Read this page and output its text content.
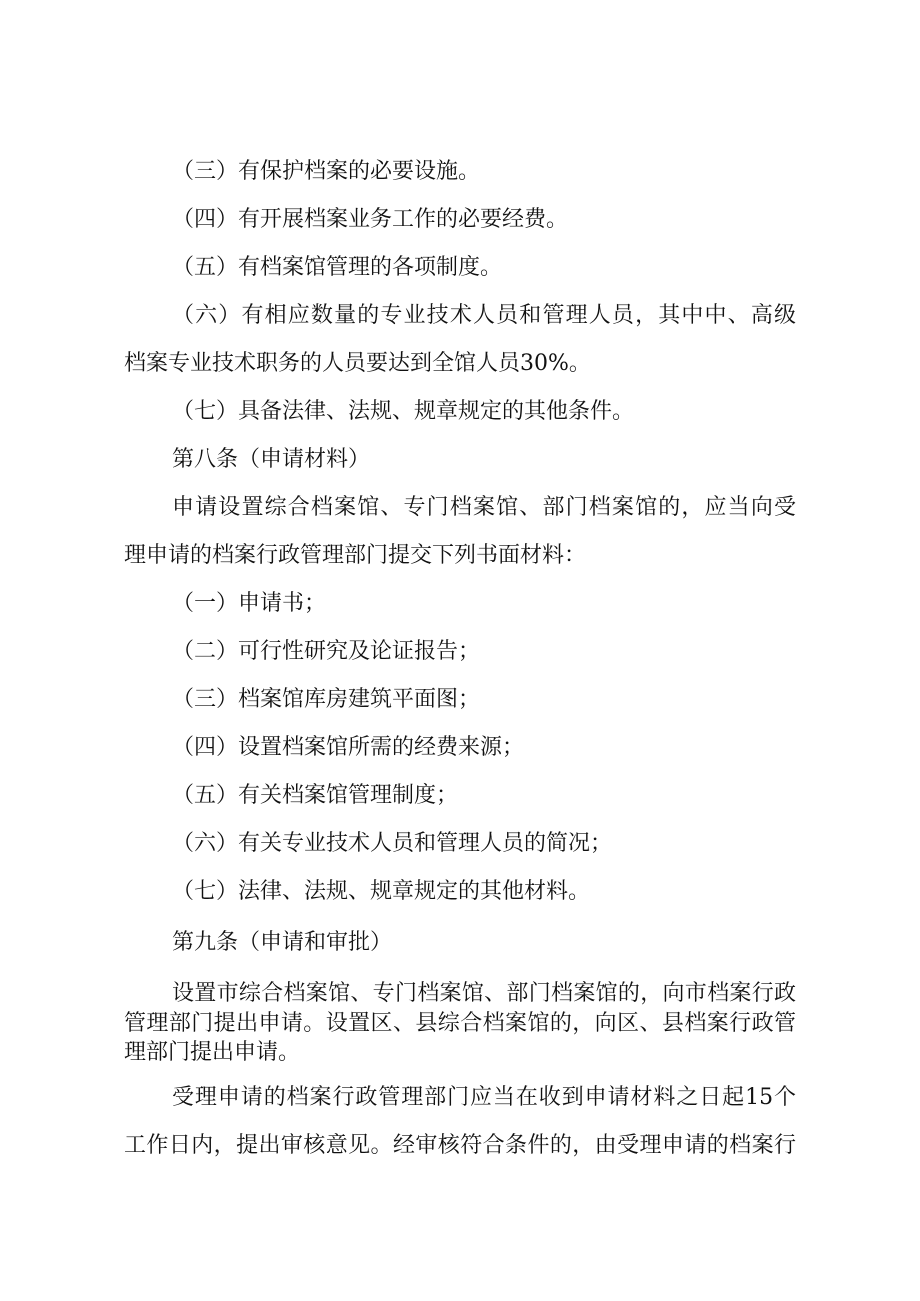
（三）有保护档案的必要设施。

（四）有开展档案业务工作的必要经费。

（五）有档案馆管理的各项制度。

（六）有相应数量的专业技术人员和管理人员，其中中、高级

档案专业技术职务的人员要达到全馆人员30%。

（七）具备法律、法规、规章规定的其他条件。

第八条（申请材料）

申请设置综合档案馆、专门档案馆、部门档案馆的，应当向受

理申请的档案行政管理部门提交下列书面材料：

（一）申请书；

（二）可行性研究及论证报告；

（三）档案馆库房建筑平面图；

（四）设置档案馆所需的经费来源；

（五）有关档案馆管理制度；

（六）有关专业技术人员和管理人员的简况；

（七）法律、法规、规章规定的其他材料。

第九条（申请和审批）

设置市综合档案馆、专门档案馆、部门档案馆的，向市档案行政

管理部门提出申请。设置区、县综合档案馆的，向区、县档案行政管

理部门提出申请。

受理申请的档案行政管理部门应当在收到申请材料之日起15个

工作日内，提出审核意见。经审核符合条件的，由受理申请的档案行
